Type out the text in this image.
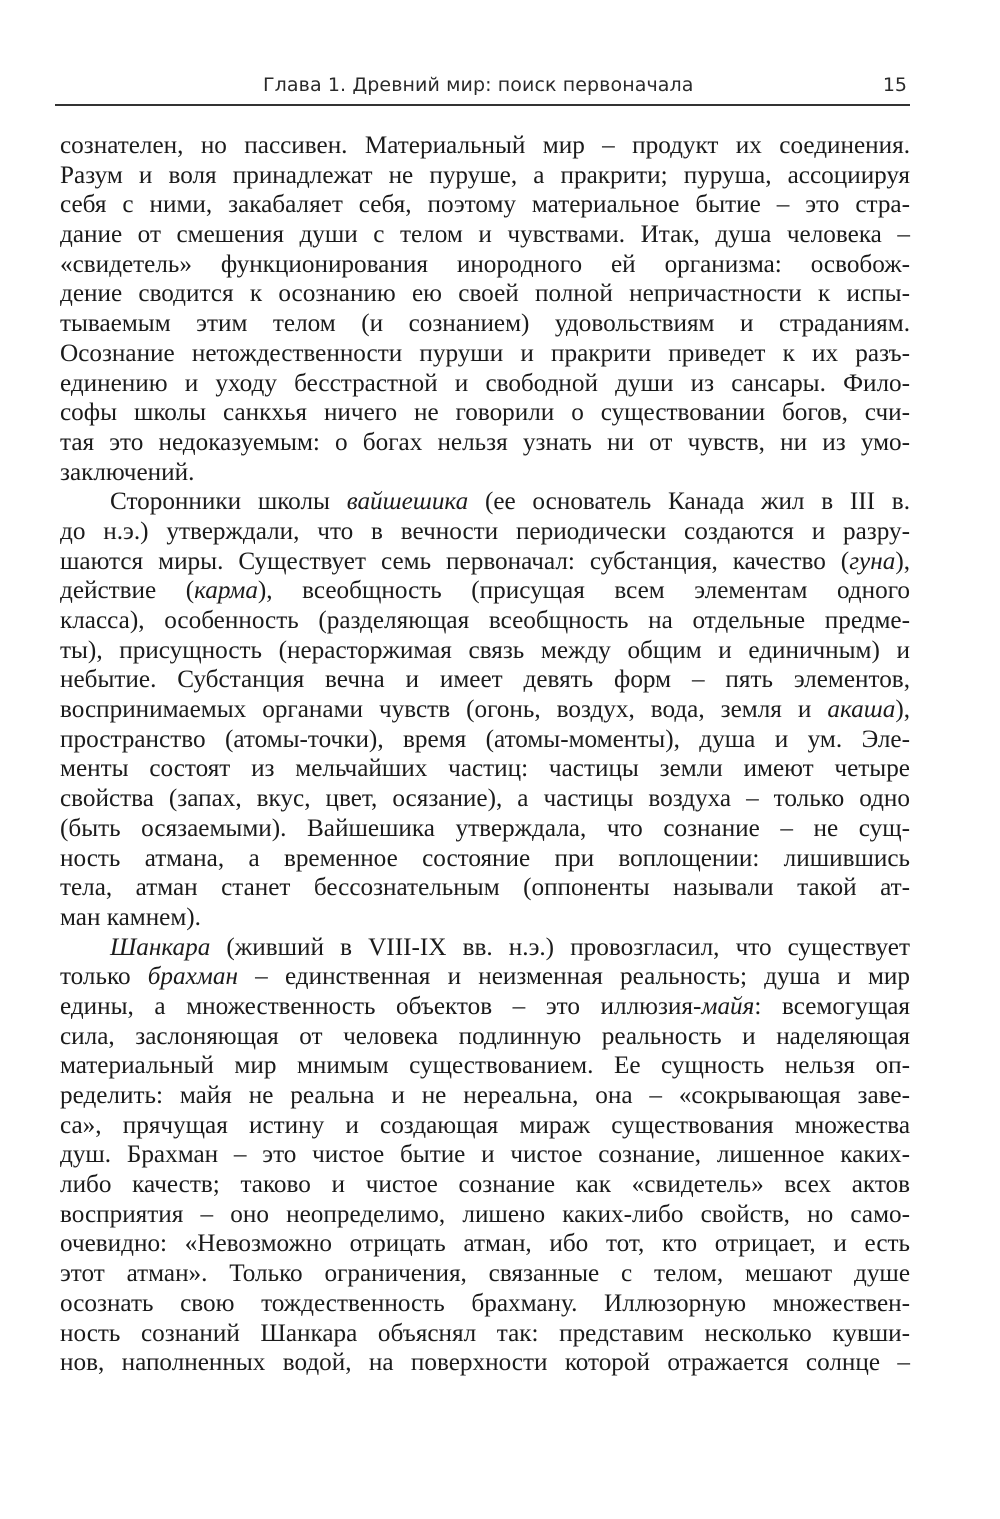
Глава 1. Древний мир: поиск первоначала	15
сознателен, но пассивен. Материальный мир – продукт их соединения.
Разум и воля принадлежат не пуруше, а пракрити; пуруша, ассоциируя
себя с ними, закабаляет себя, поэтому материальное бытие – это стра-
дание от смешения души с телом и чувствами. Итак, душа человека –
«свидетель» функционирования инородного ей организма: освобож-
дение сводится к осознанию ею своей полной непричастности к испы-
тываемым этим телом (и сознанием) удовольствиям и страданиям.
Осознание нетождественности пуруши и пракрити приведет к их разъ-
единению и уходу бесстрастной и свободной души из сансары. Фило-
софы школы санкхья ничего не говорили о существовании богов, счи-
тая это недоказуемым: о богах нельзя узнать ни от чувств, ни из умо-
заключений.
Сторонники школы вайшешика (ее основатель Канада жил в III в.
до н.э.) утверждали, что в вечности периодически создаются и разру-
шаются миры. Существует семь первоначал: субстанция, качество (гуна),
действие (карма), всеобщность (присущая всем элементам одного
класса), особенность (разделяющая всеобщность на отдельные предме-
ты), присущность (нерасторжимая связь между общим и единичным) и
небытие. Субстанция вечна и имеет девять форм – пять элементов,
воспринимаемых органами чувств (огонь, воздух, вода, земля и акаша),
пространство (атомы-точки), время (атомы-моменты), душа и ум. Эле-
менты состоят из мельчайших частиц: частицы земли имеют четыре
свойства (запах, вкус, цвет, осязание), а частицы воздуха – только одно
(быть осязаемыми). Вайшешика утверждала, что сознание – не сущ-
ность атмана, а временное состояние при воплощении: лишившись
тела, атман станет бессознательным (оппоненты называли такой ат-
ман камнем).
Шанкара (живший в VIII-IX вв. н.э.) провозгласил, что существует
только брахман – единственная и неизменная реальность; душа и мир
едины, а множественность объектов – это иллюзия-майя: всемогущая
сила, заслоняющая от человека подлинную реальность и наделяющая
материальный мир мнимым существованием. Ее сущность нельзя оп-
ределить: майя не реальна и не нереальна, она – «сокрывающая заве-
са», прячущая истину и создающая мираж существования множества
душ. Брахман – это чистое бытие и чистое сознание, лишенное каких-
либо качеств; таково и чистое сознание как «свидетель» всех актов
восприятия – оно неопределимо, лишено каких-либо свойств, но само-
очевидно: «Невозможно отрицать атман, ибо тот, кто отрицает, и есть
этот атман». Только ограничения, связанные с телом, мешают душе
осознать свою тождественность брахману. Иллюзорную множествен-
ность сознаний Шанкара объяснял так: представим несколько кувши-
нов, наполненных водой, на поверхности которой отражается солнце –
